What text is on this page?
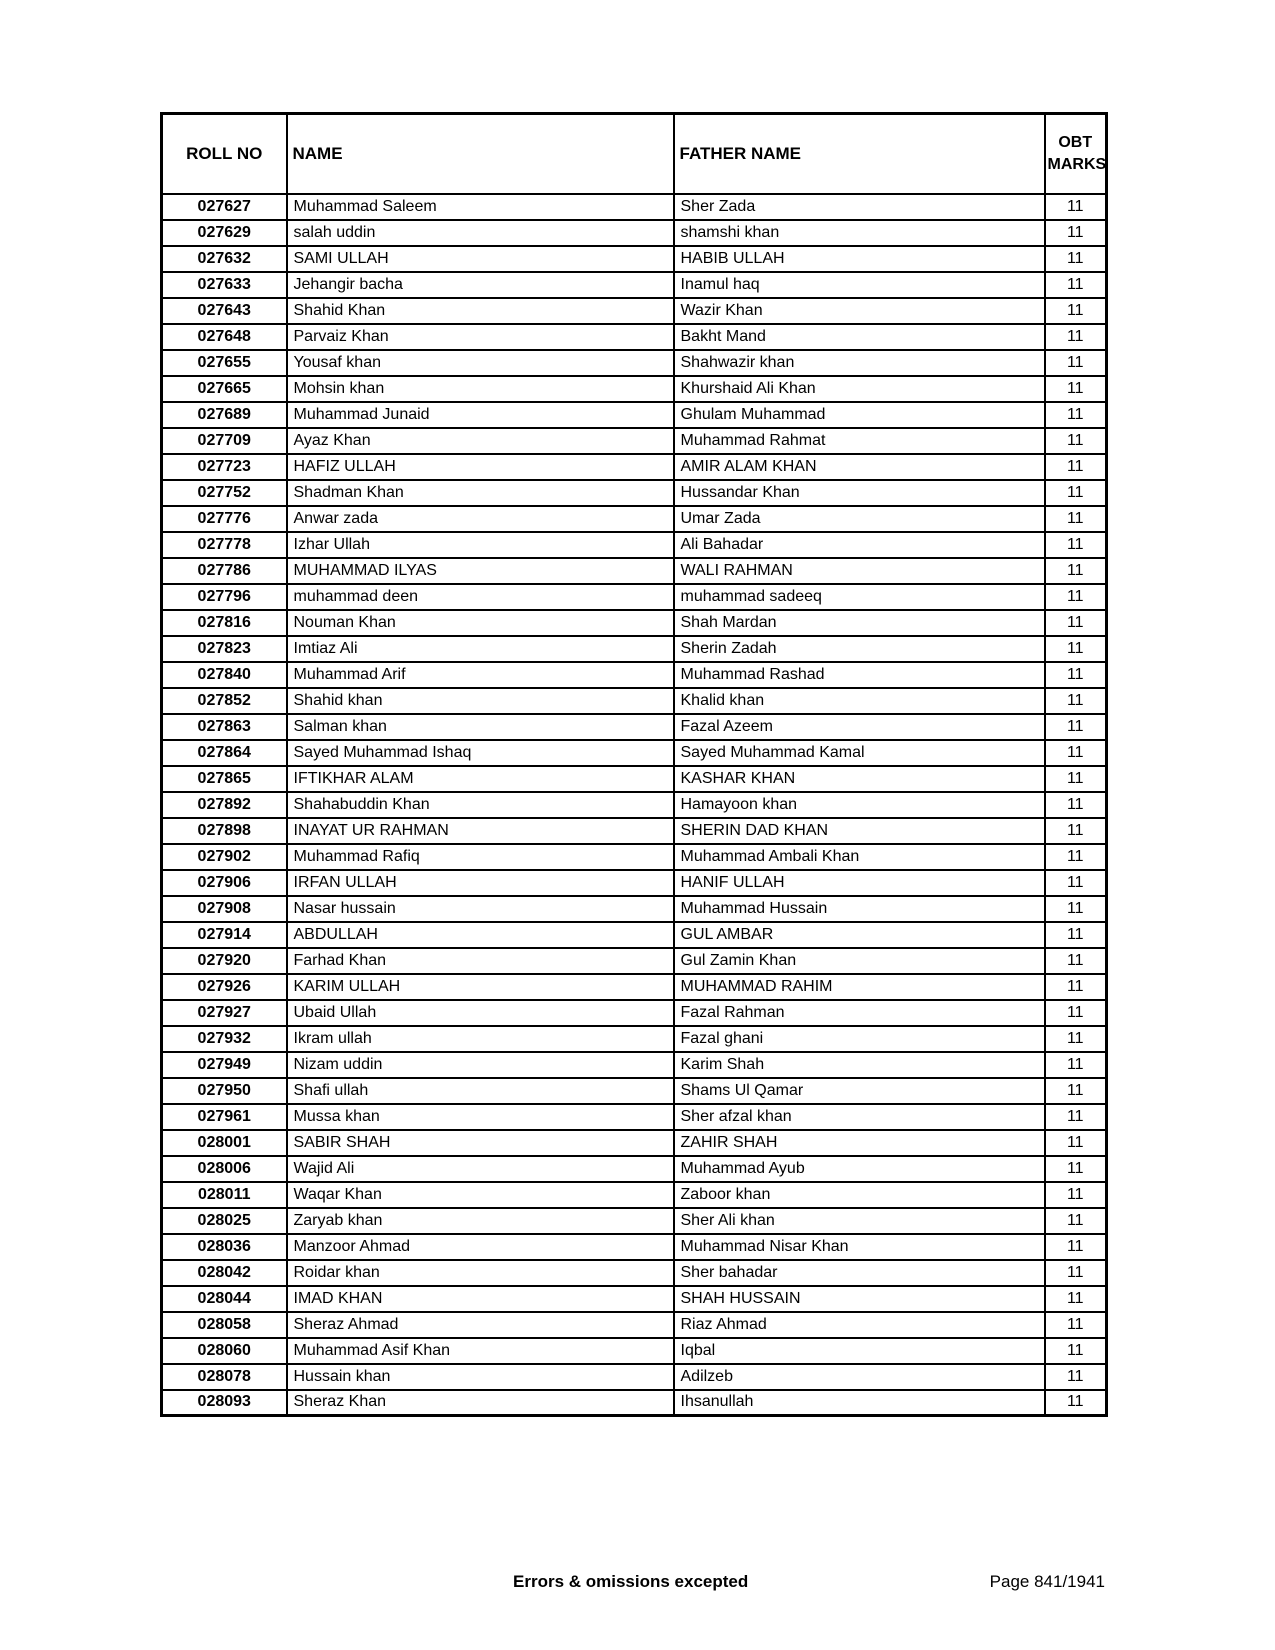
ROLL NO	NAME	FATHER NAME	OBT
MARKS

027627	Muhammad Saleem	Sher Zada	11
027629	salah uddin	shamshi khan	11
027632	SAMI ULLAH	HABIB ULLAH	11
027633	Jehangir bacha	Inamul haq	11
027643	Shahid Khan	Wazir Khan	11
027648	Parvaiz Khan	Bakht Mand	11
027655	Yousaf khan	Shahwazir khan	11
027665	Mohsin khan	Khurshaid Ali Khan	11
027689	Muhammad Junaid	Ghulam Muhammad	11
027709	Ayaz Khan	Muhammad Rahmat	11
027723	HAFIZ ULLAH	AMIR ALAM KHAN	11
027752	Shadman Khan	Hussandar Khan	11
027776	Anwar zada	Umar Zada	11
027778	Izhar Ullah	Ali Bahadar	11
027786	MUHAMMAD ILYAS	WALI RAHMAN	11
027796	muhammad deen	muhammad sadeeq	11
027816	Nouman Khan	Shah Mardan	11
027823	Imtiaz Ali	Sherin Zadah	11
027840	Muhammad Arif	Muhammad Rashad	11
027852	Shahid khan	Khalid khan	11
027863	Salman khan	Fazal Azeem	11
027864	Sayed Muhammad Ishaq	Sayed Muhammad Kamal	11
027865	IFTIKHAR ALAM	KASHAR KHAN	11
027892	Shahabuddin Khan	Hamayoon khan	11
027898	INAYAT UR RAHMAN	SHERIN DAD KHAN	11
027902	Muhammad Rafiq	Muhammad Ambali Khan	11
027906	IRFAN ULLAH	HANIF ULLAH	11
027908	Nasar hussain	Muhammad Hussain	11
027914	ABDULLAH	GUL AMBAR	11
027920	Farhad Khan	Gul Zamin Khan	11
027926	KARIM ULLAH	MUHAMMAD RAHIM	11
027927	Ubaid Ullah	Fazal Rahman	11
027932	Ikram ullah	Fazal ghani	11
027949	Nizam uddin	Karim Shah	11
027950	Shafi ullah	Shams Ul Qamar	11
027961	Mussa khan	Sher afzal khan	11
028001	SABIR SHAH	ZAHIR SHAH	11
028006	Wajid Ali	Muhammad Ayub	11
028011	Waqar Khan	Zaboor khan	11
028025	Zaryab khan	Sher Ali khan	11
028036	Manzoor Ahmad	Muhammad Nisar Khan	11
028042	Roidar khan	Sher bahadar	11
028044	IMAD KHAN	SHAH HUSSAIN	11
028058	Sheraz Ahmad	Riaz Ahmad	11
028060	Muhammad Asif Khan	Iqbal	11
028078	Hussain khan	Adilzeb	11
028093	Sheraz Khan	Ihsanullah	11
Errors & omissions excepted	Page 841/1941
